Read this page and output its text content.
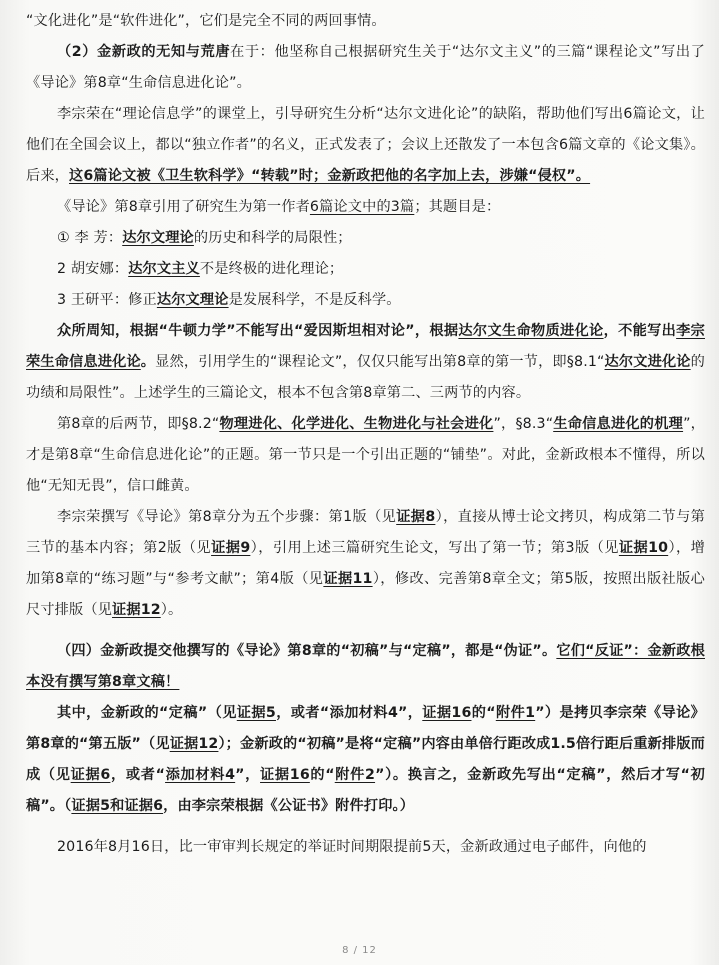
“文化进化”是“软件进化”，它们是完全不同的两回事情。

（2）金新政的无知与荒唐在于：他坚称自己根据研究生关于“达尔文主义”的三篇“课程论文”写出了《导论》第8章“生命信息进化论”。

李宗荣在“理论信息学”的课堂上，引导研究生分析“达尔文进化论”的缺陷，帮助他们写出6篇论文，让他们在全国会议上，都以“独立作者”的名义，正式发表了；会议上还散发了一本包含6篇文章的《论文集》。后来，这6篇论文被《卫生软科学》“转载”时；金新政把他的名字加上去，涉嫌“侵权”。

《导论》第8章引用了研究生为第一作者6篇论文中的3篇；其题目是：

① 李 芳：达尔文理论的历史和科学的局限性；

2 胡安娜：达尔文主义不是终极的进化理论；

3 王研平：修正达尔文理论是发展科学，不是反科学。

众所周知，根据“牛顿力学”不能写出“爱因斯坦相对论”，根据达尔文生命物质进化论，不能写出李宗荣生命信息进化论。显然，引用学生的“课程论文”，仅仅只能写出第8章的第一节，即§8.1“达尔文进化论的功绩和局限性”。上述学生的三篇论文，根本不包含第8章第二、三两节的内容。

第8章的后两节，即§8.2“物理进化、化学进化、生物进化与社会进化”，§8.3“生命信息进化的机理”，才是第8章“生命信息进化论”的正题。第一节只是一个引出正题的“铺垫”。对此，金新政根本不懂得，所以他“无知无畏”，信口雌黄。

李宗荣撰写《导论》第8章分为五个步骤：第1版（见证据8），直接从博士论文拷贝，构成第二节与第三节的基本内容；第2版（见证据9），引用上述三篇研究生论文，写出了第一节；第3版（见证据10），增加第8章的“练习题”与“参考文献”；第4版（见证据11），修改、完善第8章全文；第5版，按照出版社版心尺寸排版（见证据12）。

（四）金新政提交他撰写的《导论》第8章的“初稿”与“定稿”，都是“伪证”。它们“反证”：金新政根本没有撰写第8章文稿！

其中，金新政的“定稿”（见证据5，或者“添加材料4”，证据16的“附件1”）是拷贝李宗荣《导论》第8章的“第五版”（见证据12）；金新政的“初稿”是将“定稿”内容由单倍行距改成1.5倍行距后重新排版而成（见证据6，或者“添加材料4”，证据16的“附件2”）。换言之，金新政先写出“定稿”，然后才写“初稿”。（证据5和证据6，由李宗荣根据《公证书》附件打印。）

2016年8月16日，比一审审判长规定的举证时间期限提前5天，金新政通过电子邮件，向他的

8 / 12
